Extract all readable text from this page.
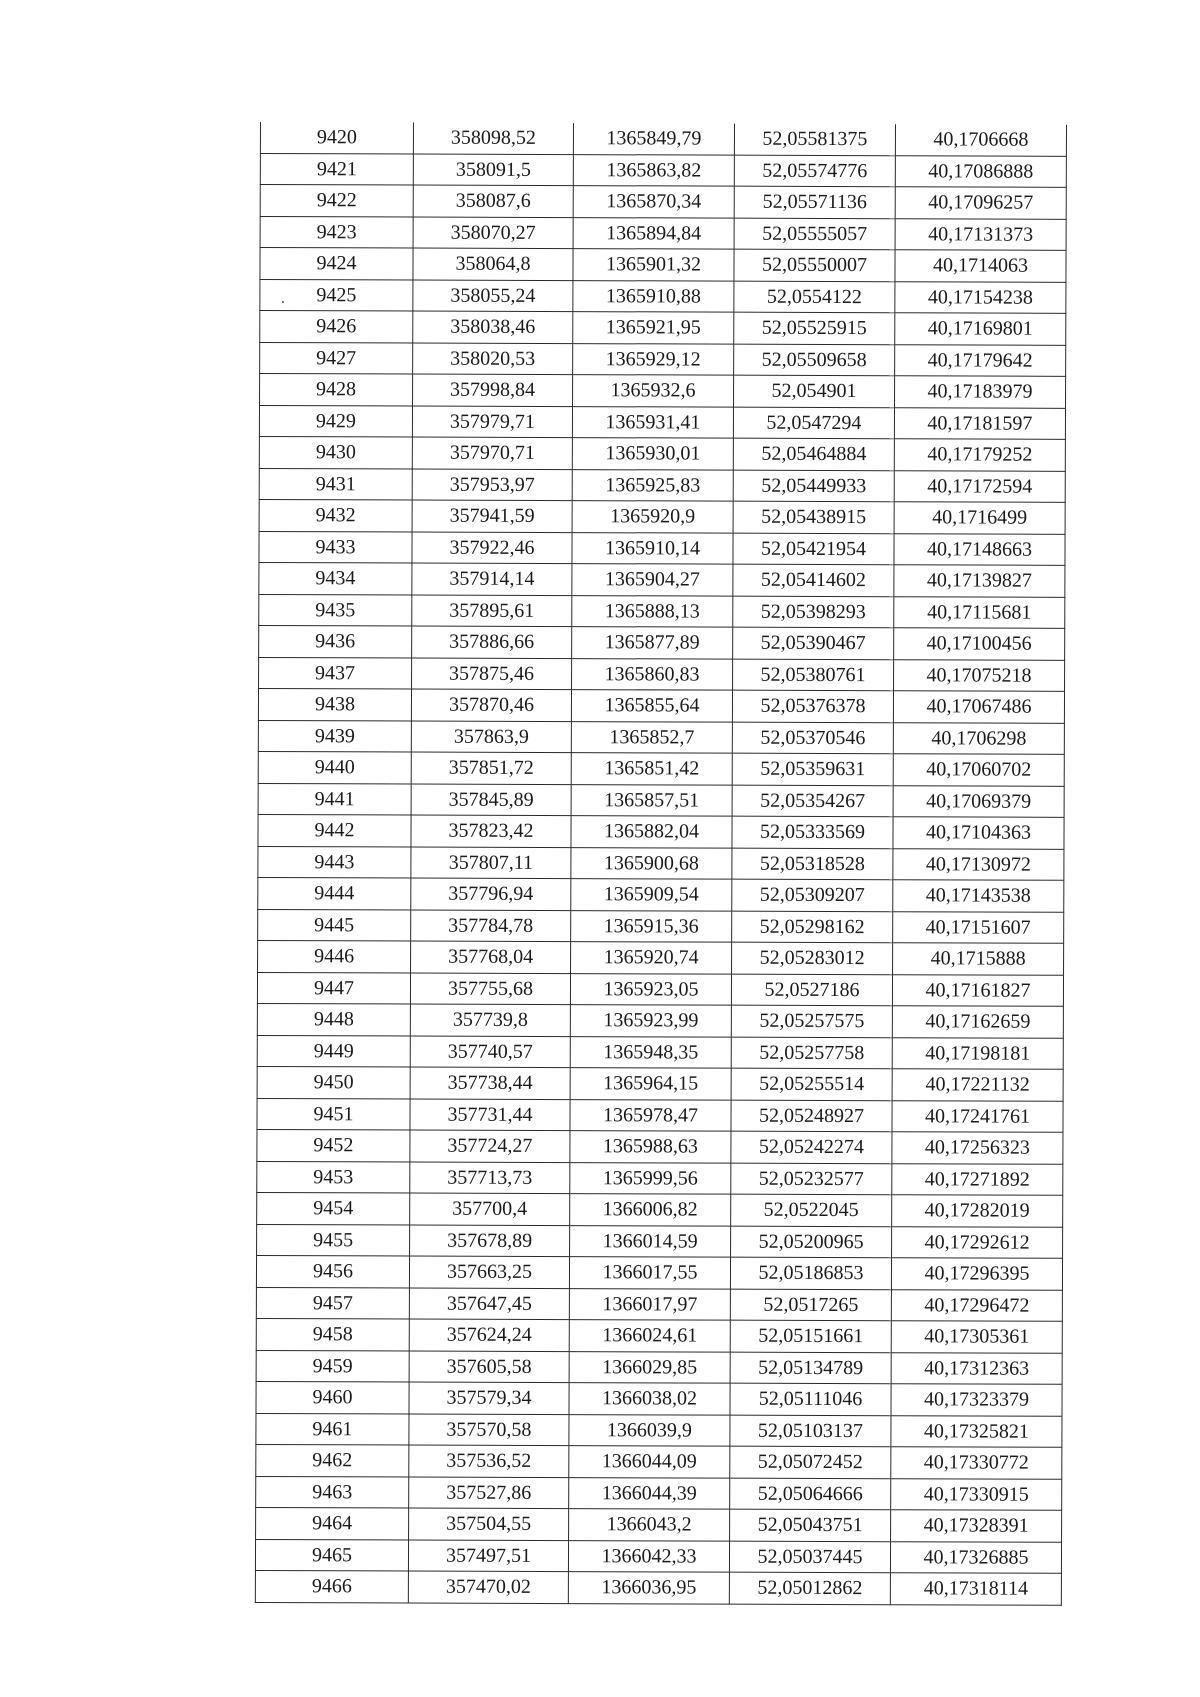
9420	358098,52	1365849,79	52,05581375	40,1706668
9421	358091,5	1365863,82	52,05574776	40,17086888
9422	358087,6	1365870,34	52,05571136	40,17096257
9423	358070,27	1365894,84	52,05555057	40,17131373
9424	358064,8	1365901,32	52,05550007	40,1714063
9425	358055,24	1365910,88	52,0554122	40,17154238
9426	358038,46	1365921,95	52,05525915	40,17169801
9427	358020,53	1365929,12	52,05509658	40,17179642
9428	357998,84	1365932,6	52,054901	40,17183979
9429	357979,71	1365931,41	52,0547294	40,17181597
9430	357970,71	1365930,01	52,05464884	40,17179252
9431	357953,97	1365925,83	52,05449933	40,17172594
9432	357941,59	1365920,9	52,05438915	40,1716499
9433	357922,46	1365910,14	52,05421954	40,17148663
9434	357914,14	1365904,27	52,05414602	40,17139827
9435	357895,61	1365888,13	52,05398293	40,17115681
9436	357886,66	1365877,89	52,05390467	40,17100456
9437	357875,46	1365860,83	52,05380761	40,17075218
9438	357870,46	1365855,64	52,05376378	40,17067486
9439	357863,9	1365852,7	52,05370546	40,1706298
9440	357851,72	1365851,42	52,05359631	40,17060702
9441	357845,89	1365857,51	52,05354267	40,17069379
9442	357823,42	1365882,04	52,05333569	40,17104363
9443	357807,11	1365900,68	52,05318528	40,17130972
9444	357796,94	1365909,54	52,05309207	40,17143538
9445	357784,78	1365915,36	52,05298162	40,17151607
9446	357768,04	1365920,74	52,05283012	40,1715888
9447	357755,68	1365923,05	52,0527186	40,17161827
9448	357739,8	1365923,99	52,05257575	40,17162659
9449	357740,57	1365948,35	52,05257758	40,17198181
9450	357738,44	1365964,15	52,05255514	40,17221132
9451	357731,44	1365978,47	52,05248927	40,17241761
9452	357724,27	1365988,63	52,05242274	40,17256323
9453	357713,73	1365999,56	52,05232577	40,17271892
9454	357700,4	1366006,82	52,0522045	40,17282019
9455	357678,89	1366014,59	52,05200965	40,17292612
9456	357663,25	1366017,55	52,05186853	40,17296395
9457	357647,45	1366017,97	52,0517265	40,17296472
9458	357624,24	1366024,61	52,05151661	40,17305361
9459	357605,58	1366029,85	52,05134789	40,17312363
9460	357579,34	1366038,02	52,05111046	40,17323379
9461	357570,58	1366039,9	52,05103137	40,17325821
9462	357536,52	1366044,09	52,05072452	40,17330772
9463	357527,86	1366044,39	52,05064666	40,17330915
9464	357504,55	1366043,2	52,05043751	40,17328391
9465	357497,51	1366042,33	52,05037445	40,17326885
9466	357470,02	1366036,95	52,05012862	40,17318114
